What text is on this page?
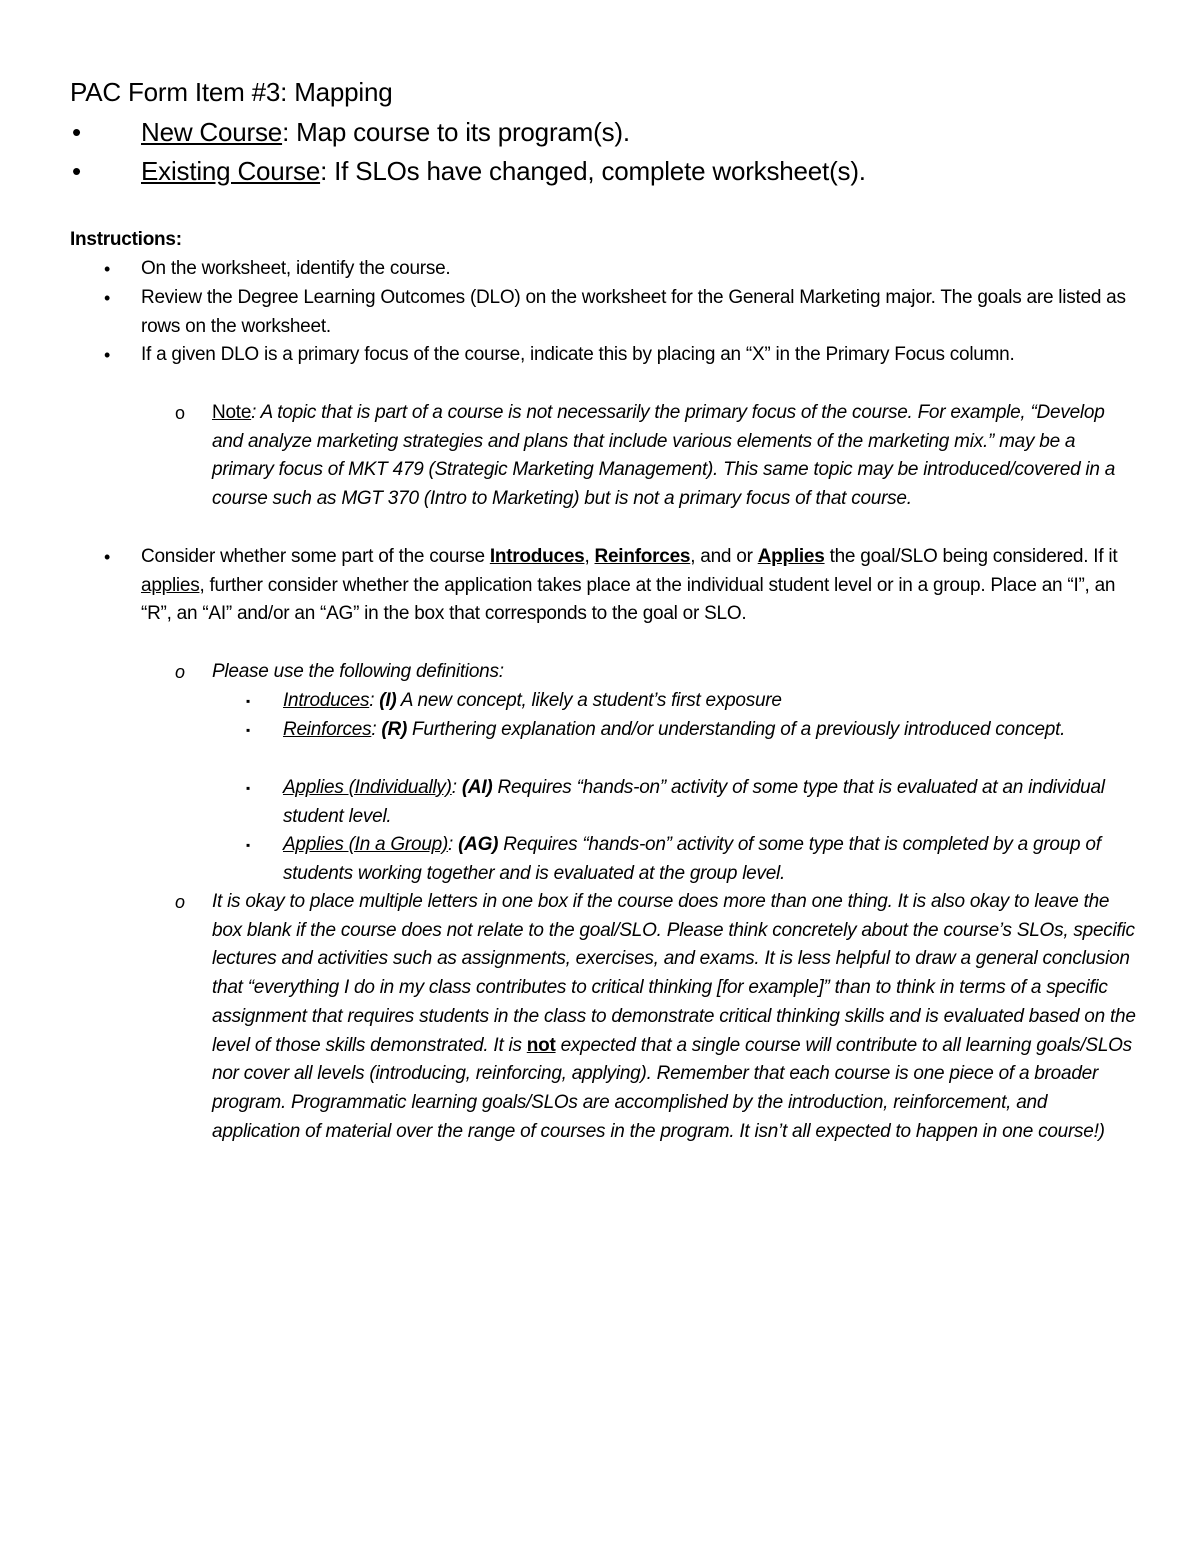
PAC Form Item #3: Mapping
•	New Course: Map course to its program(s).
•	Existing Course: If SLOs have changed, complete worksheet(s).

Instructions:

• On the worksheet, identify the course.

• Review the Degree Learning Outcomes (DLO) on the worksheet for the General Marketing major. The goals are listed as rows on the worksheet.

• If a given DLO is a primary focus of the course, indicate this by placing an “X” in the Primary Focus column.

o Note: A topic that is part of a course is not necessarily the primary focus of the course. For example, “Develop and analyze marketing strategies and plans that include various elements of the marketing mix.” may be a primary focus of MKT 479 (Strategic Marketing Management). This same topic may be introduced/covered in a course such as MGT 370 (Intro to Marketing) but is not a primary focus of that course.

• Consider whether some part of the course Introduces, Reinforces, and or Applies the goal/SLO being considered. If it applies, further consider whether the application takes place at the individual student level or in a group. Place an “I”, an “R”, an “AI” and/or an “AG” in the box that corresponds to the goal or SLO.

o Please use the following definitions:

▪ Introduces: (I) A new concept, likely a student’s first exposure

▪ Reinforces: (R) Furthering explanation and/or understanding of a previously introduced concept.

▪ Applies (Individually): (AI) Requires “hands-on” activity of some type that is evaluated at an individual student level.

▪ Applies (In a Group): (AG) Requires “hands-on” activity of some type that is completed by a group of students working together and is evaluated at the group level.

o It is okay to place multiple letters in one box if the course does more than one thing. It is also okay to leave the box blank if the course does not relate to the goal/SLO. Please think concretely about the course’s SLOs, specific lectures and activities such as assignments, exercises, and exams. It is less helpful to draw a general conclusion that “everything I do in my class contributes to critical thinking [for example]” than to think in terms of a specific assignment that requires students in the class to demonstrate critical thinking skills and is evaluated based on the level of those skills demonstrated. It is not expected that a single course will contribute to all learning goals/SLOs nor cover all levels (introducing, reinforcing, applying). Remember that each course is one piece of a broader program. Programmatic learning goals/SLOs are accomplished by the introduction, reinforcement, and application of material over the range of courses in the program. It isn’t all expected to happen in one course!)
